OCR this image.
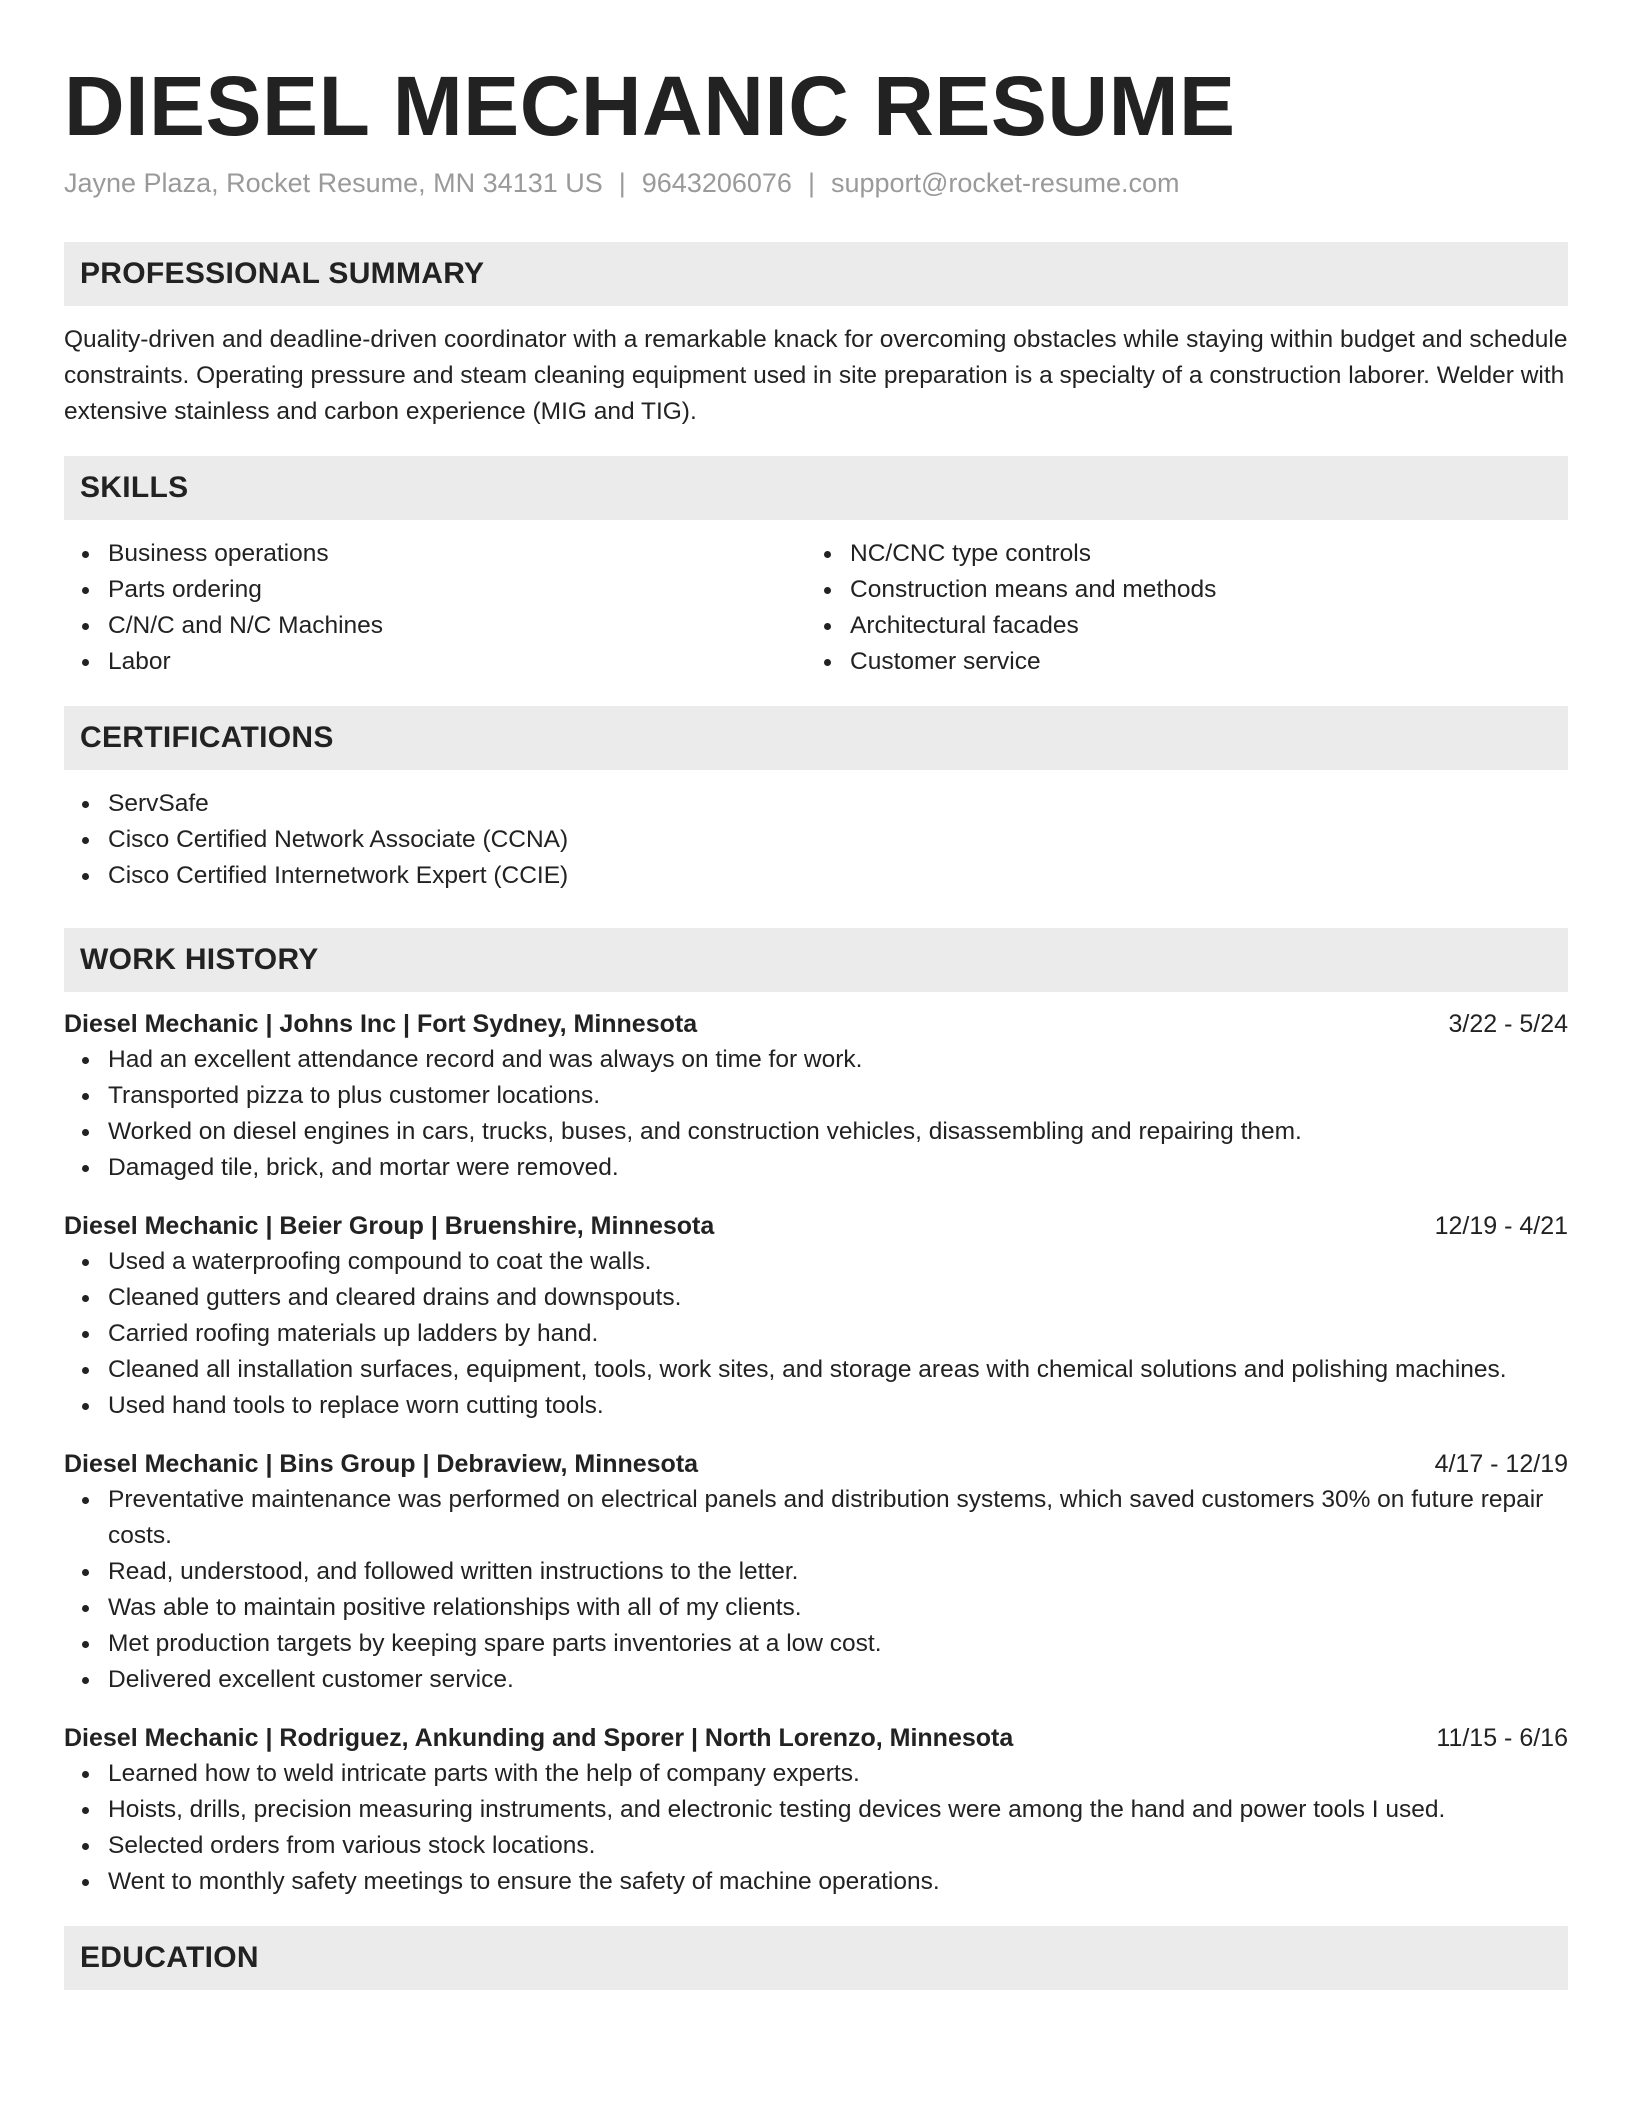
DIESEL MECHANIC RESUME
Jayne Plaza, Rocket Resume, MN 34131 US | 9643206076 | support@rocket-resume.com
PROFESSIONAL SUMMARY

Quality-driven and deadline-driven coordinator with a remarkable knack for overcoming obstacles while staying within budget and schedule constraints. Operating pressure and steam cleaning equipment used in site preparation is a specialty of a construction laborer. Welder with extensive stainless and carbon experience (MIG and TIG).

SKILLS
Business operations
Parts ordering
C/N/C and N/C Machines
Labor
NC/CNC type controls
Construction means and methods
Architectural facades
Customer service
CERTIFICATIONS
ServSafe
Cisco Certified Network Associate (CCNA)
Cisco Certified Internetwork Expert (CCIE)
WORK HISTORY
Diesel Mechanic | Johns Inc | Fort Sydney, Minnesota	3/22 - 5/24
Had an excellent attendance record and was always on time for work.
Transported pizza to plus customer locations.
Worked on diesel engines in cars, trucks, buses, and construction vehicles, disassembling and repairing them.
Damaged tile, brick, and mortar were removed.
Diesel Mechanic | Beier Group | Bruenshire, Minnesota	12/19 - 4/21
Used a waterproofing compound to coat the walls.
Cleaned gutters and cleared drains and downspouts.
Carried roofing materials up ladders by hand.
Cleaned all installation surfaces, equipment, tools, work sites, and storage areas with chemical solutions and polishing machines.
Used hand tools to replace worn cutting tools.
Diesel Mechanic | Bins Group | Debraview, Minnesota	4/17 - 12/19
Preventative maintenance was performed on electrical panels and distribution systems, which saved customers 30% on future repair costs.
Read, understood, and followed written instructions to the letter.
Was able to maintain positive relationships with all of my clients.
Met production targets by keeping spare parts inventories at a low cost.
Delivered excellent customer service.
Diesel Mechanic | Rodriguez, Ankunding and Sporer | North Lorenzo, Minnesota	11/15 - 6/16
Learned how to weld intricate parts with the help of company experts.
Hoists, drills, precision measuring instruments, and electronic testing devices were among the hand and power tools I used.
Selected orders from various stock locations.
Went to monthly safety meetings to ensure the safety of machine operations.
EDUCATION
